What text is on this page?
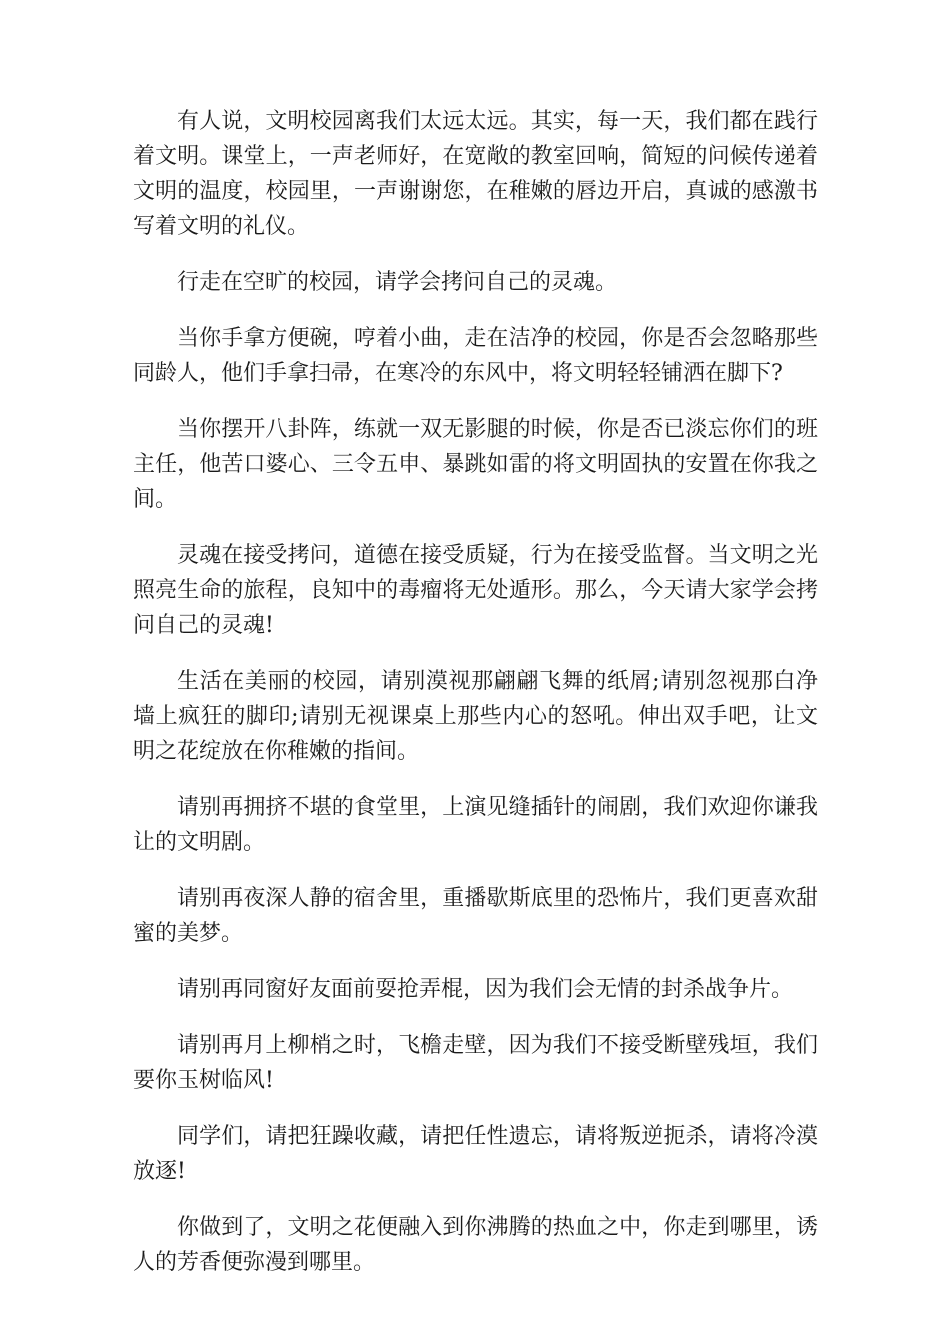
有人说，文明校园离我们太远太远。其实，每一天，我们都在践行着文明。课堂上，一声老师好，在宽敞的教室回响，简短的问候传递着文明的温度，校园里，一声谢谢您，在稚嫩的唇边开启，真诚的感激书写着文明的礼仪。

行走在空旷的校园，请学会拷问自己的灵魂。

当你手拿方便碗，哼着小曲，走在洁净的校园，你是否会忽略那些同龄人，他们手拿扫帚，在寒冷的东风中，将文明轻轻铺洒在脚下?

当你摆开八卦阵，练就一双无影腿的时候，你是否已淡忘你们的班主任，他苦口婆心、三令五申、暴跳如雷的将文明固执的安置在你我之间。

灵魂在接受拷问，道德在接受质疑，行为在接受监督。当文明之光照亮生命的旅程，良知中的毒瘤将无处遁形。那么，今天请大家学会拷问自己的灵魂!

生活在美丽的校园，请别漠视那翩翩飞舞的纸屑;请别忽视那白净墙上疯狂的脚印;请别无视课桌上那些内心的怒吼。伸出双手吧，让文明之花绽放在你稚嫩的指间。

请别再拥挤不堪的食堂里，上演见缝插针的闹剧，我们欢迎你谦我让的文明剧。

请别再夜深人静的宿舍里，重播歇斯底里的恐怖片，我们更喜欢甜蜜的美梦。

请别再同窗好友面前耍抢弄棍，因为我们会无情的封杀战争片。

请别再月上柳梢之时，飞檐走壁，因为我们不接受断壁残垣，我们要你玉树临风!

同学们，请把狂躁收藏，请把任性遗忘，请将叛逆扼杀，请将冷漠放逐!

你做到了，文明之花便融入到你沸腾的热血之中，你走到哪里，诱人的芳香便弥漫到哪里。
